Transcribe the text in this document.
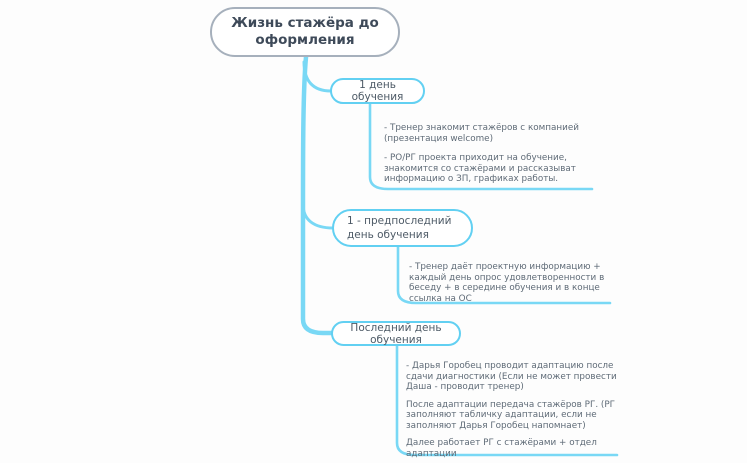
Жизнь стажёра до оформления
1 день обучения

- Тренер знакомит стажёров с компанией (презентация welcome)

- РО/РГ проекта приходит на обучение, знакомится со стажёрами и рассказыват информацию о ЗП, графиках работы.

1 - предпоследний день обучения

- Тренер даёт проектную информацию + каждый день опрос удовлетворенности в беседу + в середине обучения и в конце ссылка на ОС

Последний день обучения

- Дарья Горобец проводит адаптацию после сдачи диагностики (Если не может провести Даша - проводит тренер)

После адаптации передача стажёров РГ. (РГ заполняют табличку адаптации, если не заполняют Дарья Горобец напомнает)

Далее работает РГ с стажёрами + отдел адаптации
